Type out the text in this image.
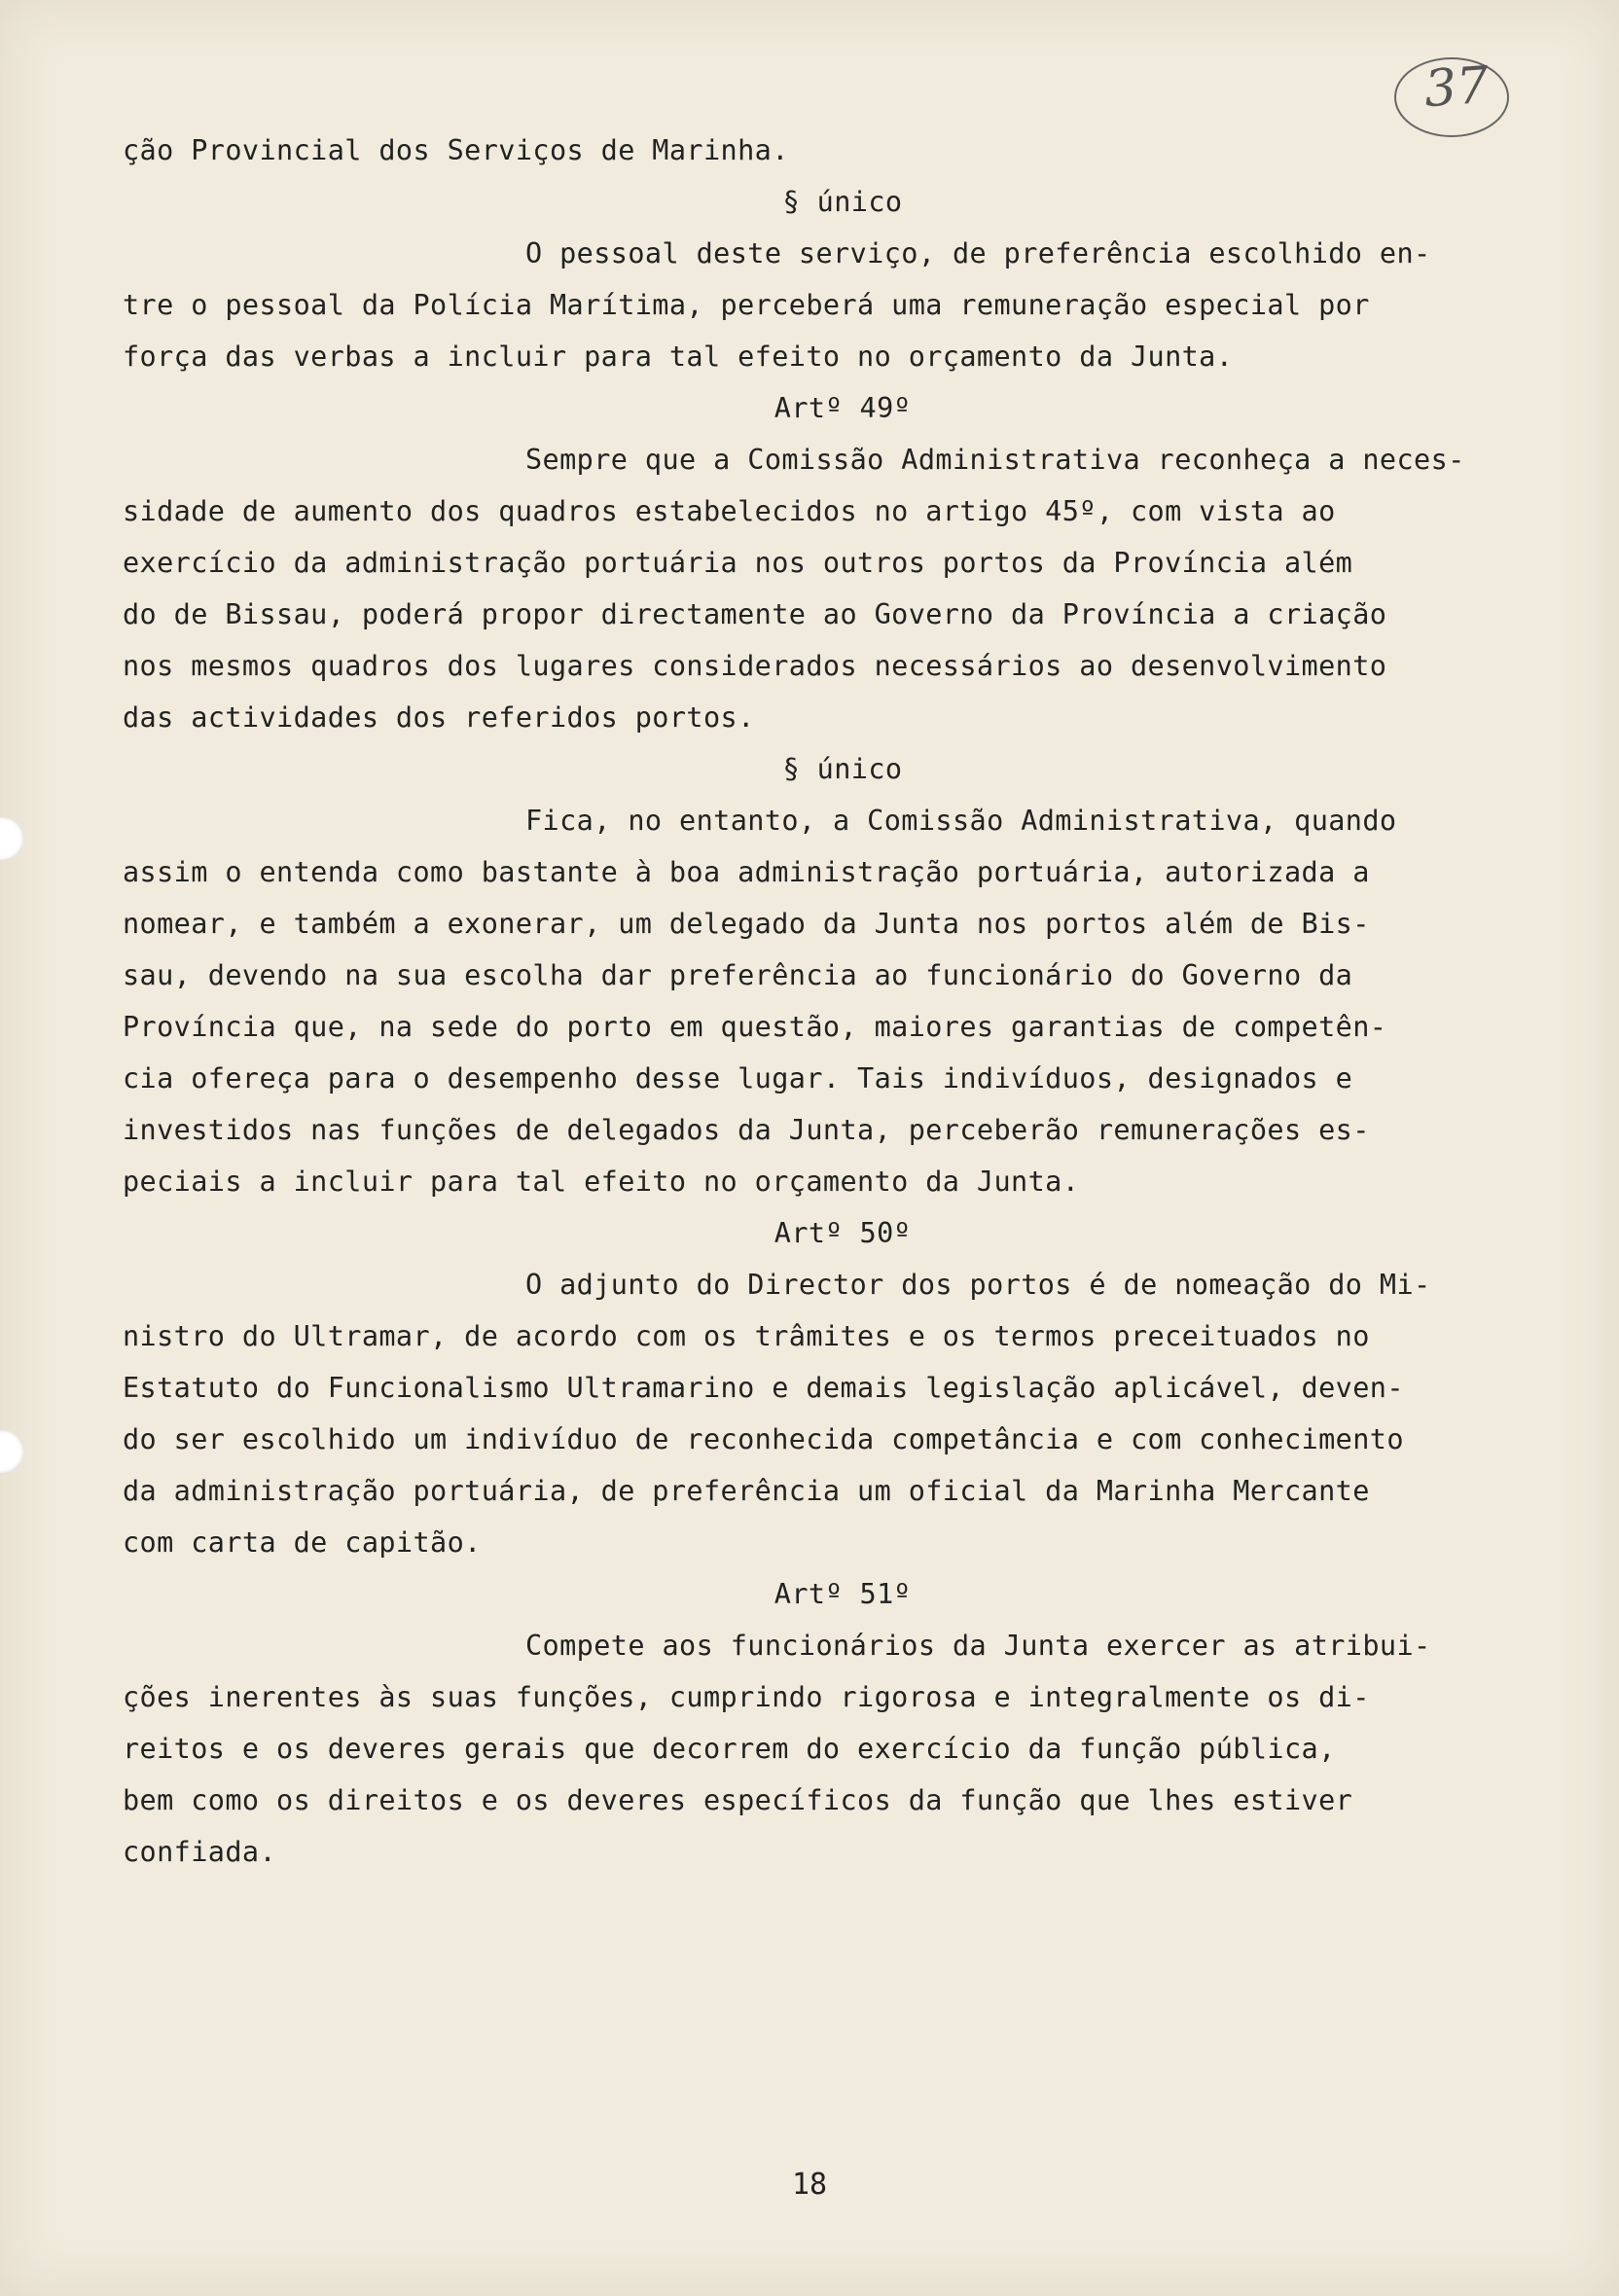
37
ção Provincial dos Serviços de Marinha.
§ único
O pessoal deste serviço, de preferência escolhido en-
tre o pessoal da Polícia Marítima, perceberá uma remuneração especial por
força das verbas a incluir para tal efeito no orçamento da Junta.
Artº 49º
Sempre que a Comissão Administrativa reconheça a neces-
sidade de aumento dos quadros estabelecidos no artigo 45º, com vista ao
exercício da administração portuária nos outros portos da Província além
do de Bissau, poderá propor directamente ao Governo da Província a criação
nos mesmos quadros dos lugares considerados necessários ao desenvolvimento
das actividades dos referidos portos.
§ único
Fica, no entanto, a Comissão Administrativa, quando
assim o entenda como bastante à boa administração portuária, autorizada a
nomear, e também a exonerar, um delegado da Junta nos portos além de Bis-
sau, devendo na sua escolha dar preferência ao funcionário do Governo da
Província que, na sede do porto em questão, maiores garantias de competên-
cia ofereça para o desempenho desse lugar. Tais indivíduos, designados e
investidos nas funções de delegados da Junta, perceberão remunerações es-
peciais a incluir para tal efeito no orçamento da Junta.
Artº 50º
O adjunto do Director dos portos é de nomeação do Mi-
nistro do Ultramar, de acordo com os trâmites e os termos preceituados no
Estatuto do Funcionalismo Ultramarino e demais legislação aplicável, deven-
do ser escolhido um indivíduo de reconhecida competância e com conhecimento
da administração portuária, de preferência um oficial da Marinha Mercante
com carta de capitão.
Artº 51º
Compete aos funcionários da Junta exercer as atribui-
ções inerentes às suas funções, cumprindo rigorosa e integralmente os di-
reitos e os deveres gerais que decorrem do exercício da função pública,
bem como os direitos e os deveres específicos da função que lhes estiver
confiada.
18
